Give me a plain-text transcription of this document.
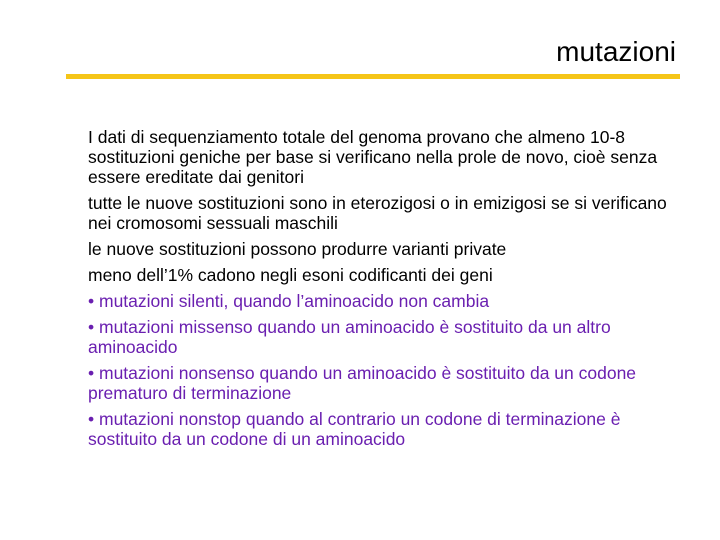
mutazioni

I dati di sequenziamento totale del genoma provano che almeno 10-8 sostituzioni geniche per base si verificano nella prole de novo, cioè senza essere ereditate dai genitori

tutte le nuove sostituzioni sono in eterozigosi o in emizigosi se si verificano nei cromosomi sessuali maschili

le nuove sostituzioni possono produrre varianti private

meno dell’1% cadono negli esoni codificanti dei geni

• mutazioni silenti, quando l’aminoacido non cambia

• mutazioni missenso quando un aminoacido è sostituito da un altro aminoacido

• mutazioni nonsenso quando un aminoacido è sostituito da un codone prematuro di terminazione

• mutazioni nonstop quando al contrario un codone di terminazione è sostituito da un codone di un aminoacido
